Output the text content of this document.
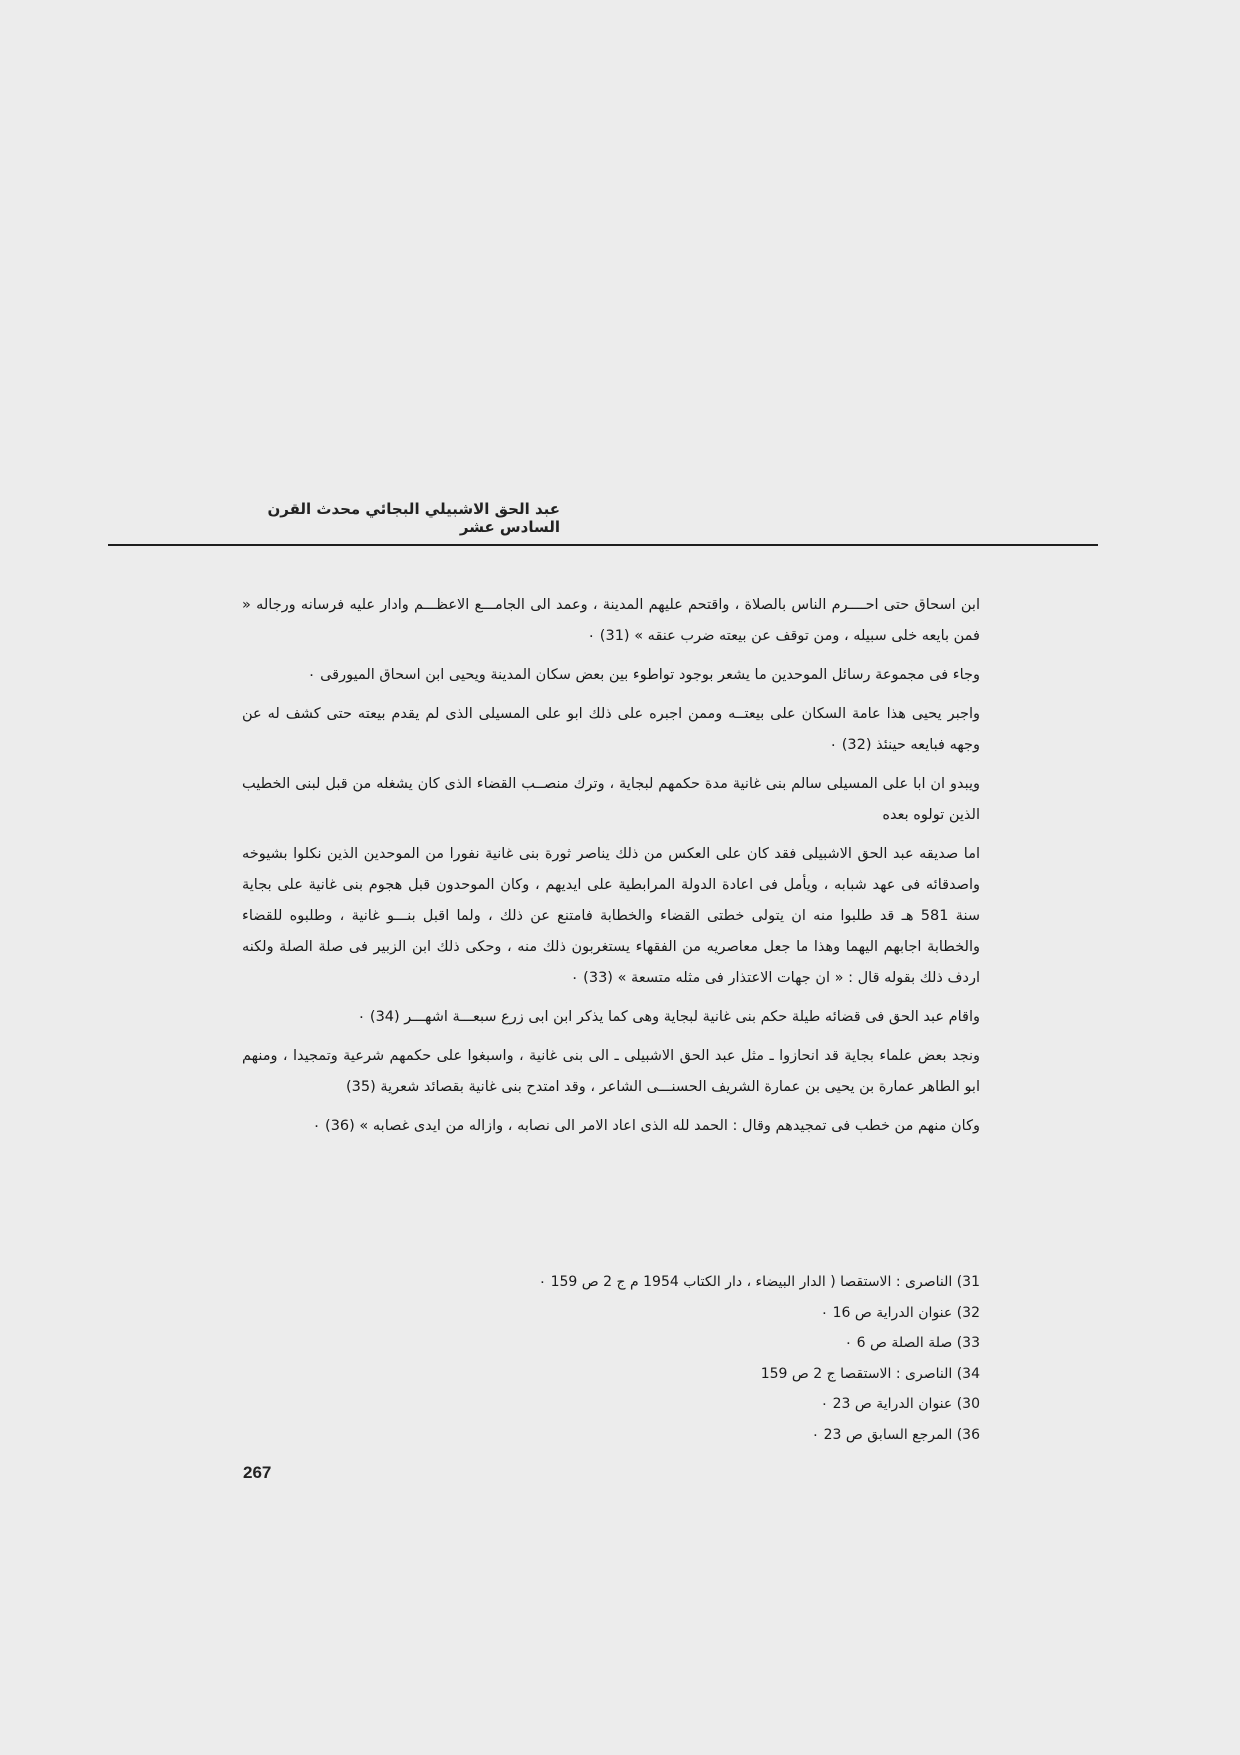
عبد الحق الاشبيلي البجائي محدث القرن السادس عشر

ابن اسحاق حتى احــــرم الناس بالصلاة ، واقتحم عليهم المدينة ، وعمد الى الجامـــع الاعظـــم وادار عليه فرسانه ورجاله « فمن بايعه خلى سبيله ، ومن توقف عن بيعته ضرب عنقه » (31) ٠

وجاء فى مجموعة رسائل الموحدين ما يشعر بوجود تواطوء بين بعض سكان المدينة ويحيى ابن اسحاق الميورقى ٠

واجبر يحيى هذا عامة السكان على بيعتــه وممن اجبره على ذلك ابو على المسيلى الذى لم يقدم بيعته حتى كشف له عن وجهه فبايعه حينئذ (32) ٠

ويبدو ان ابا على المسيلى سالم بنى غانية مدة حكمهم لبجاية ، وترك منصــب القضاء الذى كان يشغله من قبل لبنى الخطيب الذين تولوه بعده

اما صديقه عبد الحق الاشبيلى فقد كان على العكس من ذلك يناصر ثورة بنى غانية نفورا من الموحدين الذين نكلوا بشيوخه واصدقائه فى عهد شبابه ، ويأمل فى اعادة الدولة المرابطية على ايديهم ، وكان الموحدون قبل هجوم بنى غانية على بجاية سنة 581 هـ قد طلبوا منه ان يتولى خطتى القضاء والخطابة فامتنع عن ذلك ، ولما اقبل بنـــو غانية ، وطلبوه للقضاء والخطابة اجابهم اليهما وهذا ما جعل معاصريه من الفقهاء يستغربون ذلك منه ، وحكى ذلك ابن الزبير فى صلة الصلة ولكنه اردف ذلك بقوله قال : « ان جهات الاعتذار فى مثله متسعة » (33) ٠

واقام عبد الحق فى قضائه طيلة حكم بنى غانية لبجاية وهى كما يذكر ابن ابى زرع سبعـــة اشهـــر (34) ٠

ونجد بعض علماء بجاية قد انحازوا ـ مثل عبد الحق الاشبيلى ـ الى بنى غانية ، واسبغوا على حكمهم شرعية وتمجيدا ، ومنهم ابو الطاهر عمارة بن يحيى بن عمارة الشريف الحسنـــى الشاعر ، وقد امتدح بنى غانية بقصائد شعرية (35)

وكان منهم من خطب فى تمجيدهم وقال : الحمد لله الذى اعاد الامر الى نصابه ، وازاله من ايدى غصابه » (36) ٠

31) الناصرى : الاستقصا ( الدار البيضاء ، دار الكتاب 1954 م ج 2 ص 159 ٠
32) عنوان الدراية ص 16 ٠
33) صلة الصلة ص 6 ٠
34) الناصرى : الاستقصا ج 2 ص 159
30) عنوان الدراية ص 23 ٠
36) المرجع السابق ص 23 ٠
267
